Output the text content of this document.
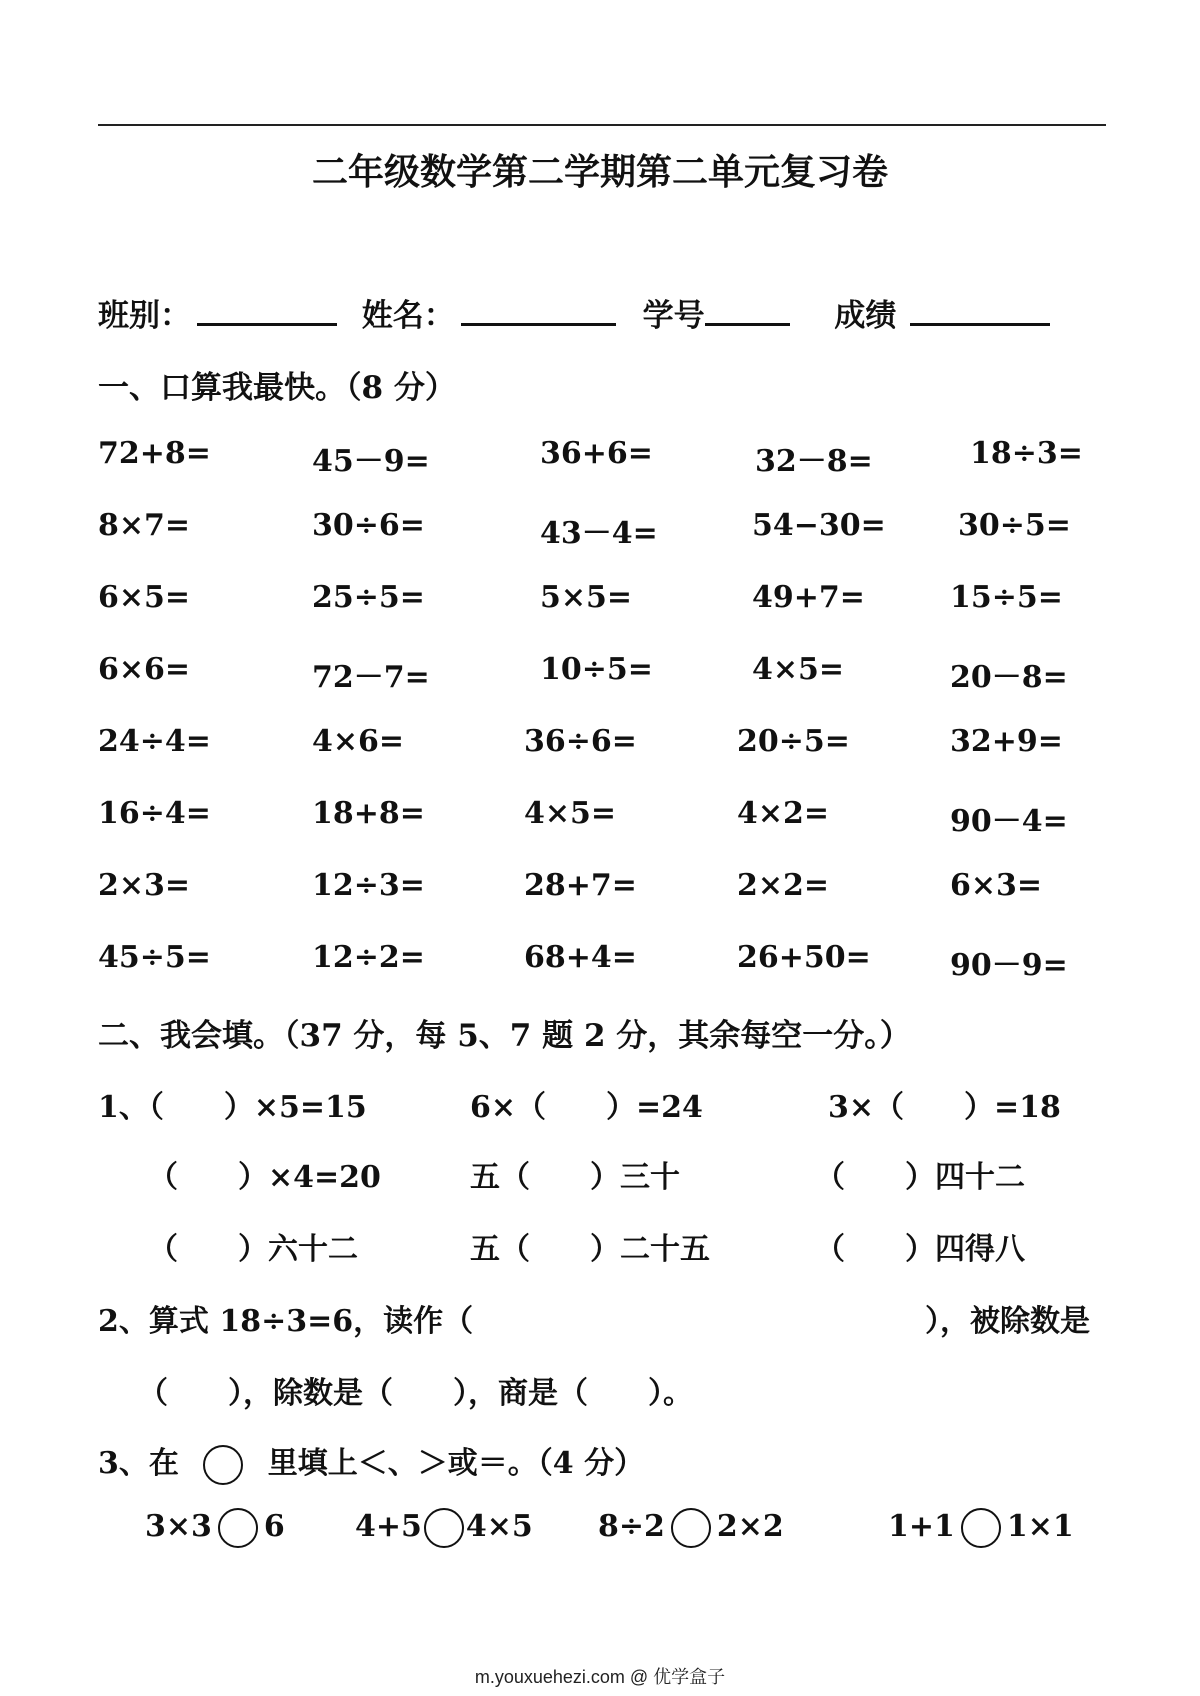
二年级数学第二学期第二单元复习卷
班别：	姓名：	学号	成绩
一、口算我最快。（8 分）
72+8=	45－9=	36+6=	32－8=	18÷3=
8×7=	30÷6=	43－4=	54−30= 30÷5=
6×5=	25÷5=	5×5=	49+7=	15÷5=
6×6=	72－7=	10÷5=	4×5=	20－8=
24÷4=	4×6=	36÷6=	20÷5=	32+9=
16÷4=	18+8=	4×5=	4×2=	90－4=
2×3=	12÷3=	28+7=	2×2=	6×3=
45÷5=	12÷2=	68+4=	26+50=	90－9=
二、我会填。（37 分，每 5、7 题 2 分，其余每空一分。）
1、（　　）×5=15	6×（　　）=24	3×（　　）=18
（　　）×4=20	五（　　）三十	（　　）四十二
（　　）六十二	五（　　）二十五	（　　）四得八
2、算式 18÷3=6，读作（	），被除数是
（　　），除数是（　　），商是（　　）。
3、在	里填上＜、＞或＝。（4 分）
3×3 6 4+5 4×5 8÷2 2×2	1+1 1×1
m.youxuehezi.com @ 优学盒子
